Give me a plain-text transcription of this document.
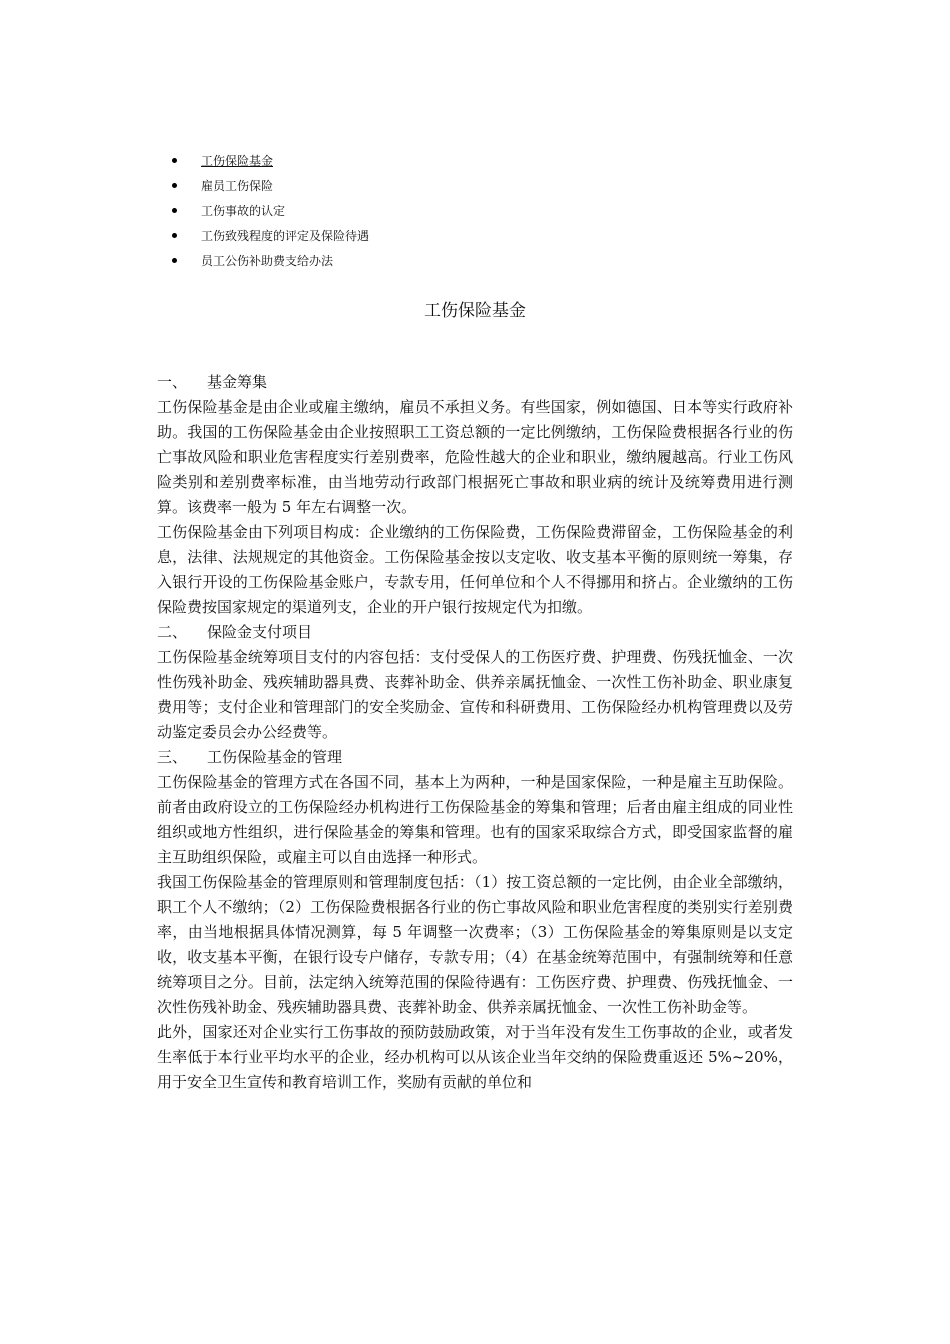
工伤保险基金
雇员工伤保险
工伤事故的认定
工伤致残程度的评定及保险待遇
员工公伤补助费支给办法
工伤保险基金

一、 基金筹集

工伤保险基金是由企业或雇主缴纳，雇员不承担义务。有些国家，例如德国、日本等实行政府补助。我国的工伤保险基金由企业按照职工工资总额的一定比例缴纳，工伤保险费根据各行业的伤亡事故风险和职业危害程度实行差别费率，危险性越大的企业和职业，缴纳履越高。行业工伤风险类别和差别费率标准，由当地劳动行政部门根据死亡事故和职业病的统计及统筹费用进行测算。该费率一般为 5 年左右调整一次。

工伤保险基金由下列项目构成：企业缴纳的工伤保险费，工伤保险费滞留金，工伤保险基金的利息，法律、法规规定的其他资金。工伤保险基金按以支定收、收支基本平衡的原则统一筹集，存入银行开设的工伤保险基金账户，专款专用，任何单位和个人不得挪用和挤占。企业缴纳的工伤保险费按国家规定的渠道列支，企业的开户银行按规定代为扣缴。

二、 保险金支付项目

工伤保险基金统筹项目支付的内容包括：支付受保人的工伤医疗费、护理费、伤残抚恤金、一次性伤残补助金、残疾辅助器具费、丧葬补助金、供养亲属抚恤金、一次性工伤补助金、职业康复费用等；支付企业和管理部门的安全奖励金、宣传和科研费用、工伤保险经办机构管理费以及劳动鉴定委员会办公经费等。

三、 工伤保险基金的管理

工伤保险基金的管理方式在各国不同，基本上为两种，一种是国家保险，一种是雇主互助保险。前者由政府设立的工伤保险经办机构进行工伤保险基金的筹集和管理；后者由雇主组成的同业性组织或地方性组织，进行保险基金的筹集和管理。也有的国家采取综合方式，即受国家监督的雇主互助组织保险，或雇主可以自由选择一种形式。

我国工伤保险基金的管理原则和管理制度包括：（1）按工资总额的一定比例，由企业全部缴纳，职工个人不缴纳；（2）工伤保险费根据各行业的伤亡事故风险和职业危害程度的类别实行差别费率，由当地根据具体情况测算，每 5 年调整一次费率；（3）工伤保险基金的筹集原则是以支定收，收支基本平衡，在银行设专户储存，专款专用；（4）在基金统筹范围中，有强制统筹和任意统筹项目之分。目前，法定纳入统筹范围的保险待遇有：工伤医疗费、护理费、伤残抚恤金、一次性伤残补助金、残疾辅助器具费、丧葬补助金、供养亲属抚恤金、一次性工伤补助金等。

此外，国家还对企业实行工伤事故的预防鼓励政策，对于当年没有发生工伤事故的企业，或者发生率低于本行业平均水平的企业，经办机构可以从该企业当年交纳的保险费重返还 5%~20%，用于安全卫生宣传和教育培训工作，奖励有贡献的单位和
